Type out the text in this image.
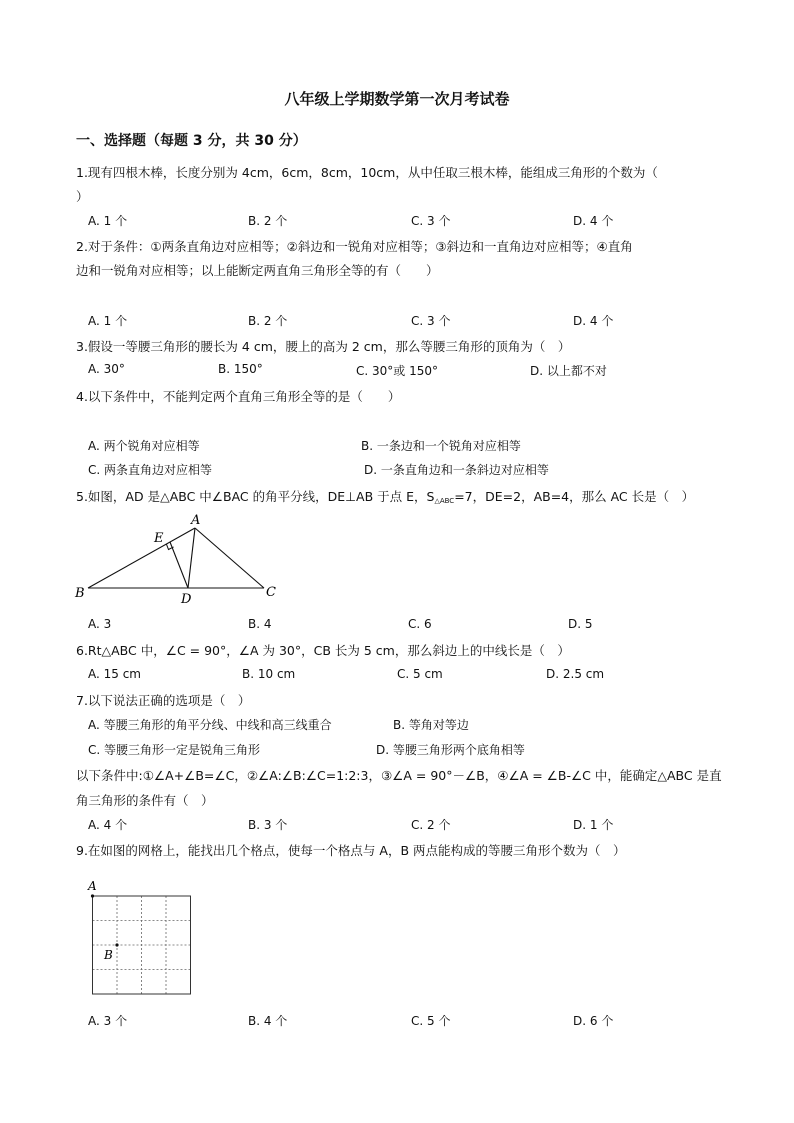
八年级上学期数学第一次月考试卷
一、选择题（每题 3 分，共 30 分）
1.现有四根木棒，长度分别为 4cm，6cm，8cm，10cm，从中任取三根木棒，能组成三角形的个数为（
）
A. 1 个	B. 2 个	C. 3 个	D. 4 个
2.对于条件：①两条直角边对应相等；②斜边和一锐角对应相等；③斜边和一直角边对应相等；④直角
边和一锐角对应相等；以上能断定两直角三角形全等的有（　　）
A. 1 个	B. 2 个	C. 3 个	D. 4 个
3.假设一等腰三角形的腰长为 4 cm，腰上的高为 2 cm，那么等腰三角形的顶角为（　）
A. 30°	B. 150°	C. 30°或 150°	D. 以上都不对
4.以下条件中，不能判定两个直角三角形全等的是（　　）
A. 两个锐角对应相等	B. 一条边和一个锐角对应相等
C. 两条直角边对应相等	D. 一条直角边和一条斜边对应相等
5.如图，AD 是△ABC 中∠BAC 的角平分线，DE⊥AB 于点 E，$S_{\triangle ABC}=7$，DE=2，AB=4，那么 AC 长是（　）
A
B	C
D
E
A. 3	B. 4	C. 6	D. 5
6.Rt△ABC 中，∠C = 90°，∠A 为 30°，CB 长为 5 cm，那么斜边上的中线长是（　）
A. 15 cm	B. 10 cm	C. 5 cm	D. 2.5 cm
7.以下说法正确的选项是（　）
A. 等腰三角形的角平分线、中线和高三线重合	B. 等角对等边
C. 等腰三角形一定是锐角三角形	D. 等腰三角形两个底角相等
以下条件中:①∠A+∠B=∠C，②∠A:∠B:∠C=1:2:3，③∠A = 90°－∠B，④∠A = ∠B-∠C 中，能确定△ABC 是直
角三角形的条件有（　）
A. 4 个	B. 3 个	C. 2 个	D. 1 个
9.在如图的网格上，能找出几个格点，使每一个格点与 A，B 两点能构成的等腰三角形个数为（　）
A
B
A. 3 个	B. 4 个	C. 5 个	D. 6 个
